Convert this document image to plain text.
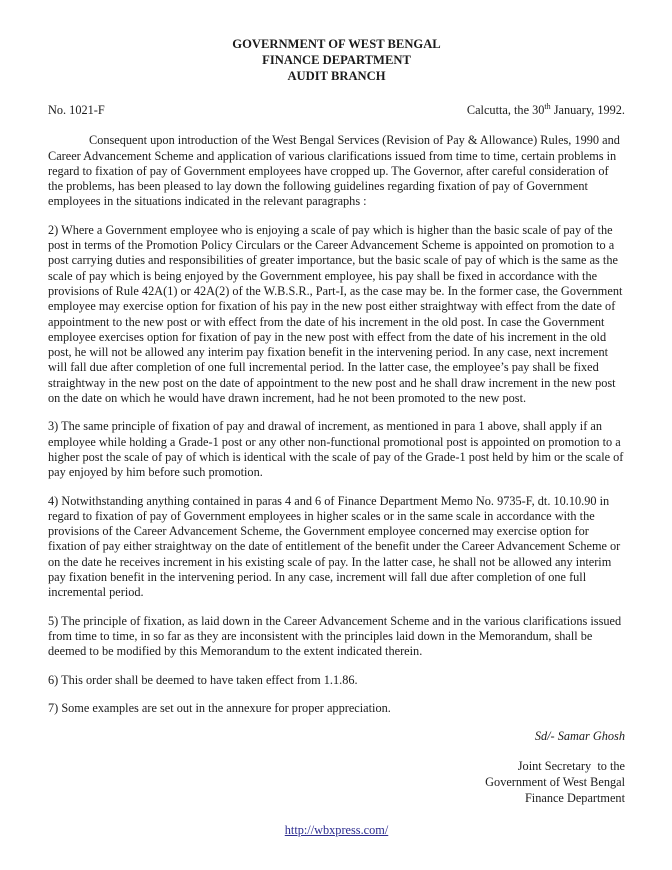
GOVERNMENT OF WEST BENGAL
FINANCE DEPARTMENT
AUDIT BRANCH
No. 1021-F	Calcutta, the 30th January, 1992.

Consequent upon introduction of the West Bengal Services (Revision of Pay & Allowance) Rules, 1990 and Career Advancement Scheme and application of various clarifications issued from time to time, certain problems in regard to fixation of pay of Government employees have cropped up. The Governor, after careful consideration of the problems, has been pleased to lay down the following guidelines regarding fixation of pay of Government employees in the situations indicated in the relevant paragraphs :

2) Where a Government employee who is enjoying a scale of pay which is higher than the basic scale of pay of the post in terms of the Promotion Policy Circulars or the Career Advancement Scheme is appointed on promotion to a post carrying duties and responsibilities of greater importance, but the basic scale of pay of which is the same as the scale of pay which is being enjoyed by the Government employee, his pay shall be fixed in accordance with the provisions of Rule 42A(1) or 42A(2) of the W.B.S.R., Part-I, as the case may be. In the former case, the Government employee may exercise option for fixation of his pay in the new post either straightway with effect from the date of appointment to the new post or with effect from the date of his increment in the old post. In case the Government employee exercises option for fixation of pay in the new post with effect from the date of his increment in the old post, he will not be allowed any interim pay fixation benefit in the intervening period. In any case, next increment will fall due after completion of one full incremental period. In the latter case, the employee’s pay shall be fixed straightway in the new post on the date of appointment to the new post and he shall draw increment in the new post on the date on which he would have drawn increment, had he not been promoted to the new post.

3) The same principle of fixation of pay and drawal of increment, as mentioned in para 1 above, shall apply if an employee while holding a Grade-1 post or any other non-functional promotional post is appointed on promotion to a higher post the scale of pay of which is identical with the scale of pay of the Grade-1 post held by him or the scale of pay enjoyed by him before such promotion.

4) Notwithstanding anything contained in paras 4 and 6 of Finance Department Memo No. 9735-F, dt. 10.10.90 in regard to fixation of pay of Government employees in higher scales or in the same scale in accordance with the provisions of the Career Advancement Scheme, the Government employee concerned may exercise option for fixation of pay either straightway on the date of entitlement of the benefit under the Career Advancement Scheme or on the date he receives increment in his existing scale of pay. In the latter case, he shall not be allowed any interim pay fixation benefit in the intervening period. In any case, increment will fall due after completion of one full incremental period.

5) The principle of fixation, as laid down in the Career Advancement Scheme and in the various clarifications issued from time to time, in so far as they are inconsistent with the principles laid down in the Memorandum, shall be deemed to be modified by this Memorandum to the extent indicated therein.

6) This order shall be deemed to have taken effect from 1.1.86.

7) Some examples are set out in the annexure for proper appreciation.

Sd/- Samar Ghosh
Joint Secretary  to the
Government of West Bengal
Finance Department
http://wbxpress.com/
